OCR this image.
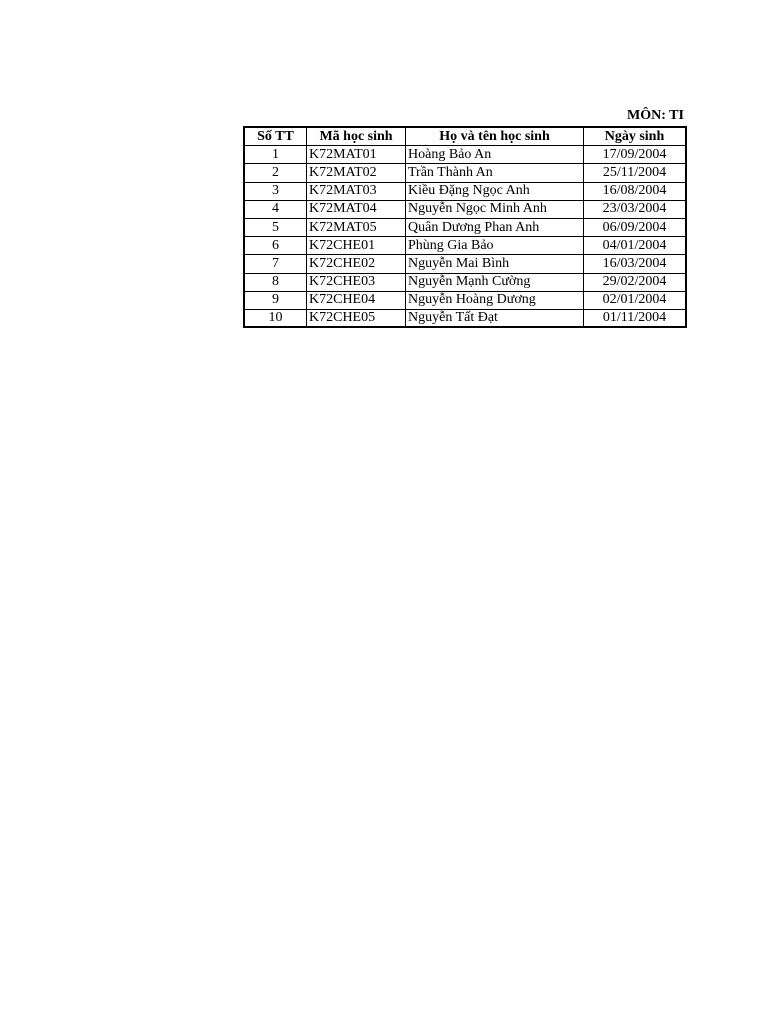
MÔN: TI
Số TT	Mã học sinh	Họ và tên học sinh	Ngày sinh
1	K72MAT01	Hoàng Bảo An	17/09/2004
2	K72MAT02	Trần Thành An	25/11/2004
3	K72MAT03	Kiều Đặng Ngọc Anh	16/08/2004
4	K72MAT04	Nguyễn Ngọc Minh Anh	23/03/2004
5	K72MAT05	Quân Dương Phan Anh	06/09/2004
6	K72CHE01	Phùng Gia Bảo	04/01/2004
7	K72CHE02	Nguyễn Mai Bình	16/03/2004
8	K72CHE03	Nguyễn Mạnh Cường	29/02/2004
9	K72CHE04	Nguyễn Hoàng Dương	02/01/2004
10	K72CHE05	Nguyễn Tất Đạt	01/11/2004
